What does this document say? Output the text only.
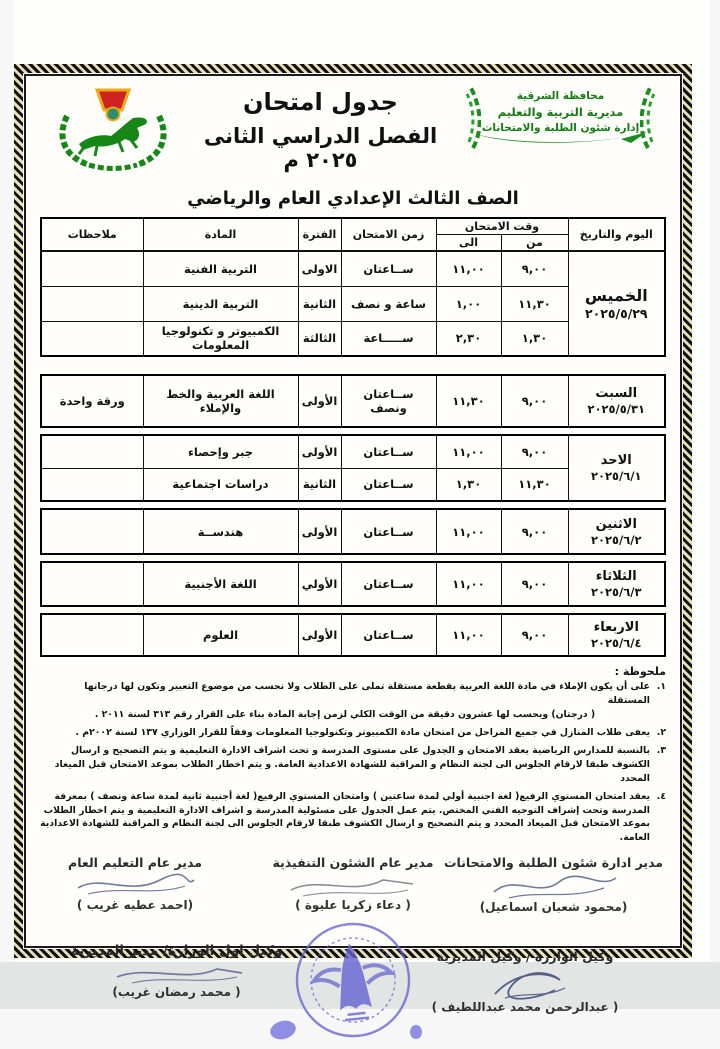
محافظة الشرقية
مديرية التربية والتعليم
إدارة شئون الطلبة والامتحانات
جدول امتحان
الفصل الدراسي الثانى ٢٠٢٥ م
الصف الثالث الإعدادي العام والرياضي
اليوم والتاريخ	وقت الامتحان		زمن الامتحان	الفترة	المادة	ملاحظات
	من	الى				

الخميس
٢٠٢٥/٥/٢٩	٩,٠٠	١١,٠٠	ســاعتان	الاولى	التربية الفنية	
	١١,٣٠	١,٠٠	ساعة و نصف	الثانية	التربية الدينية	
	١,٣٠	٢,٣٠	ســـــاعة	الثالثة	الكمبيوتر و تكنولوجيا المعلومات	
السبت
٢٠٢٥/٥/٣١
	٩,٠٠	١١,٣٠	ســاعتان ونصف	الأولى	اللغة العربية والخط والإملاء	ورقة واحدة
الاحد
٢٠٢٥/٦/١	٩,٠٠	١١,٠٠	ســاعتان	الأولى	جبر وإحصاء	
	١١,٣٠	١,٣٠	ســاعتان	الثانية	دراسات اجتماعية	
الاثنين
٢٠٢٥/٦/٢
	٩,٠٠	١١,٠٠	ســاعتان	الأولى	هندســة	
الثلاثاء
٢٠٢٥/٦/٣
	٩,٠٠	١١,٠٠	ســاعتان	الأولي	اللغة الأجنبية	
الاربعاء
٢٠٢٥/٦/٤
	٩,٠٠	١١,٠٠	ســاعتان	الأولى	العلوم	
ملحوظة :
١.
على أن يكون الإملاء في مادة اللغة العربية بقطعة مستقلة تملى على الطلاب ولا تحسب من موضوع التعبير وتكون لها درجاتها المستقلة
( درجتان) ويحسب لها عشرون دقيقة من الوقت الكلي لزمن إجابة المادة بناء على القرار رقم ٣١٣ لسنة ٢٠١١ .
٢.
يعفى طلاب المنازل في جميع المراحل من امتحان مادة الكمبيوتر وتكنولوجيا المعلومات وفقاً للقرار الوزاري ١٣٧ لسنة ٢٠٠٢م .
٣.
بالنسبة للمدارس الرياضية يعقد الامتحان و الجدول على مستوى المدرسة و تحت اشراف الادارة التعليمية و يتم التصحيح و ارسال الكشوف طبقا لارقام الجلوس الى لجنة النظام و المراقبة للشهادة الاعدادية العامة. و يتم اخطار الطلاب بموعد الامتحان قبل الميعاد المحدد
٤.
يعقد امتحان المستوي الرفيع( لغة اجنبية أولي لمدة ساعتين ) وامتحان المستوي الرفيع( لغة أجنبية ثانية لمدة ساعة ونصف ) بمعرفة المدرسة وتحت إشراف التوجيه الفني المختص. يتم عمل الجدول على مسئولية المدرسة و اشراف الادارة التعليمية و يتم اخطار الطلاب بموعد الامتحان قبل الميعاد المحدد و يتم التصحيح و ارسال الكشوف طبقا لارقام الجلوس الى لجنة النظام و المراقبة للشهادة الاعدادية العامة.
مدير ادارة شئون الطلبة والامتحانات
(محمود شعبان اسماعيل)
مدير عام الشئون التنفيذية
( دعاء زكريا عليوة )
مدير عام التعليم العام
(احمد عطيه غريب )
وكيل الوازرة / وكيل المديرية
( عبدالرحمن محمد عبداللطيف )
وكيل اول الوزارة/ مدير المديرية
( محمد رمضان غريب)
